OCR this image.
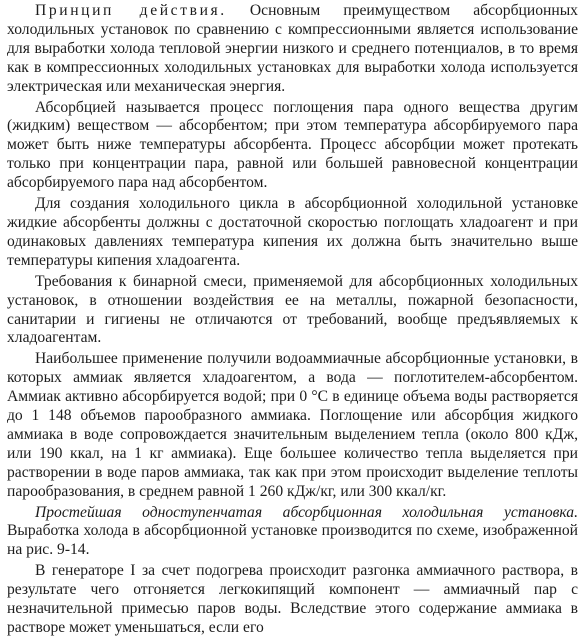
Принцип действия. Основным преимуществом абсорбционных холодильных установок по сравнению с компрессионными является использование для выработки холода тепловой энергии низкого и среднего потенциалов, в то время как в компрессионных холодильных установках для выработки холода используется электрическая или механическая энергия.

Абсорбцией называется процесс поглощения пара одного вещества другим (жидким) веществом — абсорбентом; при этом температура абсорбируемого пара может быть ниже температуры абсорбента. Процесс абсорбции может протекать только при концентрации пара, равной или большей равновесной концентрации абсорбируемого пара над абсорбентом.

Для создания холодильного цикла в абсорбционной холодильной установке жидкие абсорбенты должны с достаточной скоростью поглощать хладоагент и при одинаковых давлениях температура кипения их должна быть значительно выше температуры кипения хладоагента.

Требования к бинарной смеси, применяемой для абсорбционных холодильных установок, в отношении воздействия ее на металлы, пожарной безопасности, санитарии и гигиены не отличаются от требований, вообще предъявляемых к хладоагентам.

Наибольшее применение получили водоаммиачные абсорбционные установки, в которых аммиак является хладоагентом, а вода — поглотителем-абсорбентом. Аммиак активно абсорбируется водой; при 0 °С в единице объема воды растворяется до 1 148 объемов парообразного аммиака. Поглощение или абсорбция жидкого аммиака в воде сопровождается значительным выделением тепла (около 800 кДж, или 190 ккал, на 1 кг аммиака). Еще большее количество тепла выделяется при растворении в воде паров аммиака, так как при этом происходит выделение теплоты парообразования, в среднем равной 1 260 кДж/кг, или 300 ккал/кг.

Простейшая одноступенчатая абсорбционная холодильная установка. Выработка холода в абсорбционной установке производится по схеме, изображенной на рис. 9-14.

В генераторе I за счет подогрева происходит разгонка аммиачного раствора, в результате чего отгоняется легкокипящий компонент — аммиачный пар с незначительной примесью паров воды. Вследствие этого содержание аммиака в растворе может уменьшаться, если его
